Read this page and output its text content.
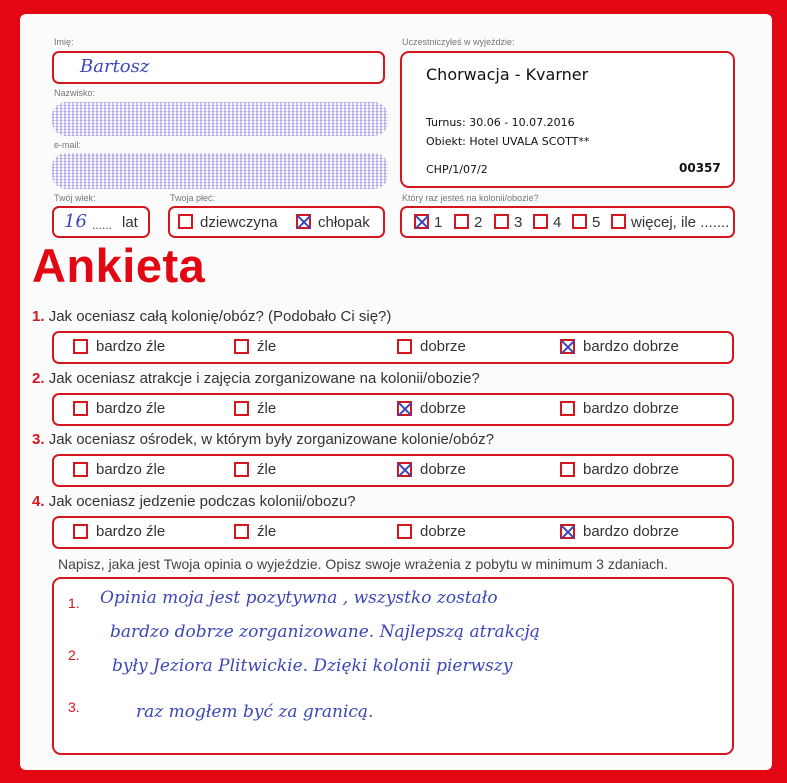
Imię:
Bartosz
Nazwisko:
e-mail:
Twój wiek:
16 ...... lat
Twoja płeć:
dziewczyna	chłopak
Uczestniczyłeś w wyjeździe:
Chorwacja - Kvarner
Turnus: 30.06 - 10.07.2016
Obiekt: Hotel UVALA SCOTT**
CHP/1/07/2	00357
Który raz jesteś na kolonii/obozie?
1 2 3 4 5 więcej, ile .......
Ankieta
1. Jak oceniasz całą kolonię/obóz? (Podobało Ci się?)
2. Jak oceniasz atrakcje i zajęcia zorganizowane na kolonii/obozie?
3. Jak oceniasz ośrodek, w którym były zorganizowane kolonie/obóz?
4. Jak oceniasz jedzenie podczas kolonii/obozu?
bardzo źle	źle	dobrze	bardzo dobrze
bardzo źle	źle	dobrze	bardzo dobrze
bardzo źle	źle	dobrze	bardzo dobrze
bardzo źle	źle	dobrze	bardzo dobrze
Napisz, jaka jest Twoja opinia o wyjeździe. Opisz swoje wrażenia z pobytu w minimum 3 zdaniach.
1.
2.
3.
Opinia moja jest pozytywna , wszystko zostało
bardzo dobrze zorganizowane. Najlepszą atrakcją
były Jeziora Plitwickie. Dzięki kolonii pierwszy
raz mogłem być za granicą.
